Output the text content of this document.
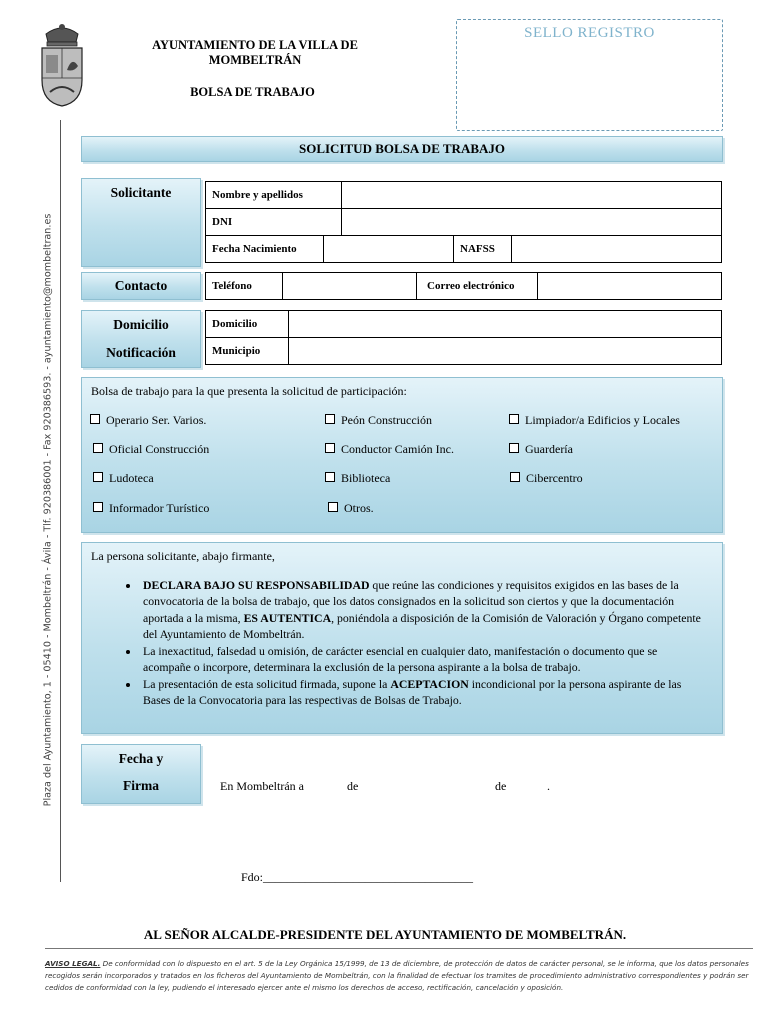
AYUNTAMIENTO DE LA VILLA DE
MOMBELTRÁN
BOLSA DE TRABAJO
SELLO REGISTRO
Plaza del Ayuntamiento, 1 - 05410 - Mombeltrán - Ávila - Tlf. 920386001 - Fax 920386593. - ayuntamiento@mombeltran.es
SOLICITUD BOLSA DE TRABAJO
Solicitante	Nombre y apellidos
DNI
Fecha Nacimiento	NAFSS
Contacto	Teléfono	Correo electrónico
Domicilio
Notificación
Domicilio
Municipio
Bolsa de trabajo para la que presenta la solicitud de participación:
Operario Ser. Varios.	Peón Construcción	Limpiador/a Edificios y Locales
Oficial Construcción	Conductor Camión Inc.	Guardería
Ludoteca	Biblioteca	Cibercentro
Informador Turístico	Otros.
La persona solicitante, abajo firmante,
• DECLARA BAJO SU RESPONSABILIDAD que reúne las condiciones y requisitos exigidos en las bases de la convocatoria de la bolsa de trabajo, que los datos consignados en la solicitud son ciertos y que la documentación aportada a la misma, ES AUTENTICA, poniéndola a disposición de la Comisión de Valoración y Órgano competente del Ayuntamiento de Mombeltrán.
• La inexactitud, falsedad u omisión, de carácter esencial en cualquier dato, manifestación o documento que se acompañe o incorpore, determinara la exclusión de la persona aspirante a la bolsa de trabajo.
• La presentación de esta solicitud firmada, supone la ACEPTACION incondicional por la persona aspirante de las Bases de la Convocatoria para las respectivas de Bolsas de Trabajo.
Fecha y
Firma	En Mombeltrán a	de	de	.
Fdo:___________________________________
AL SEÑOR ALCALDE-PRESIDENTE DEL AYUNTAMIENTO DE MOMBELTRÁN.
AVISO LEGAL. De conformidad con lo dispuesto en el art. 5 de la Ley Orgánica 15/1999, de 13 de diciembre, de protección de datos de carácter personal, se le informa, que los datos personales recogidos serán incorporados y tratados en los ficheros del Ayuntamiento de Mombeltrán, con la finalidad de efectuar los tramites de procedimiento administrativo correspondientes y podrán ser cedidos de conformidad con la ley, pudiendo el interesado ejercer ante el mismo los derechos de acceso, rectificación, cancelación y oposición.
